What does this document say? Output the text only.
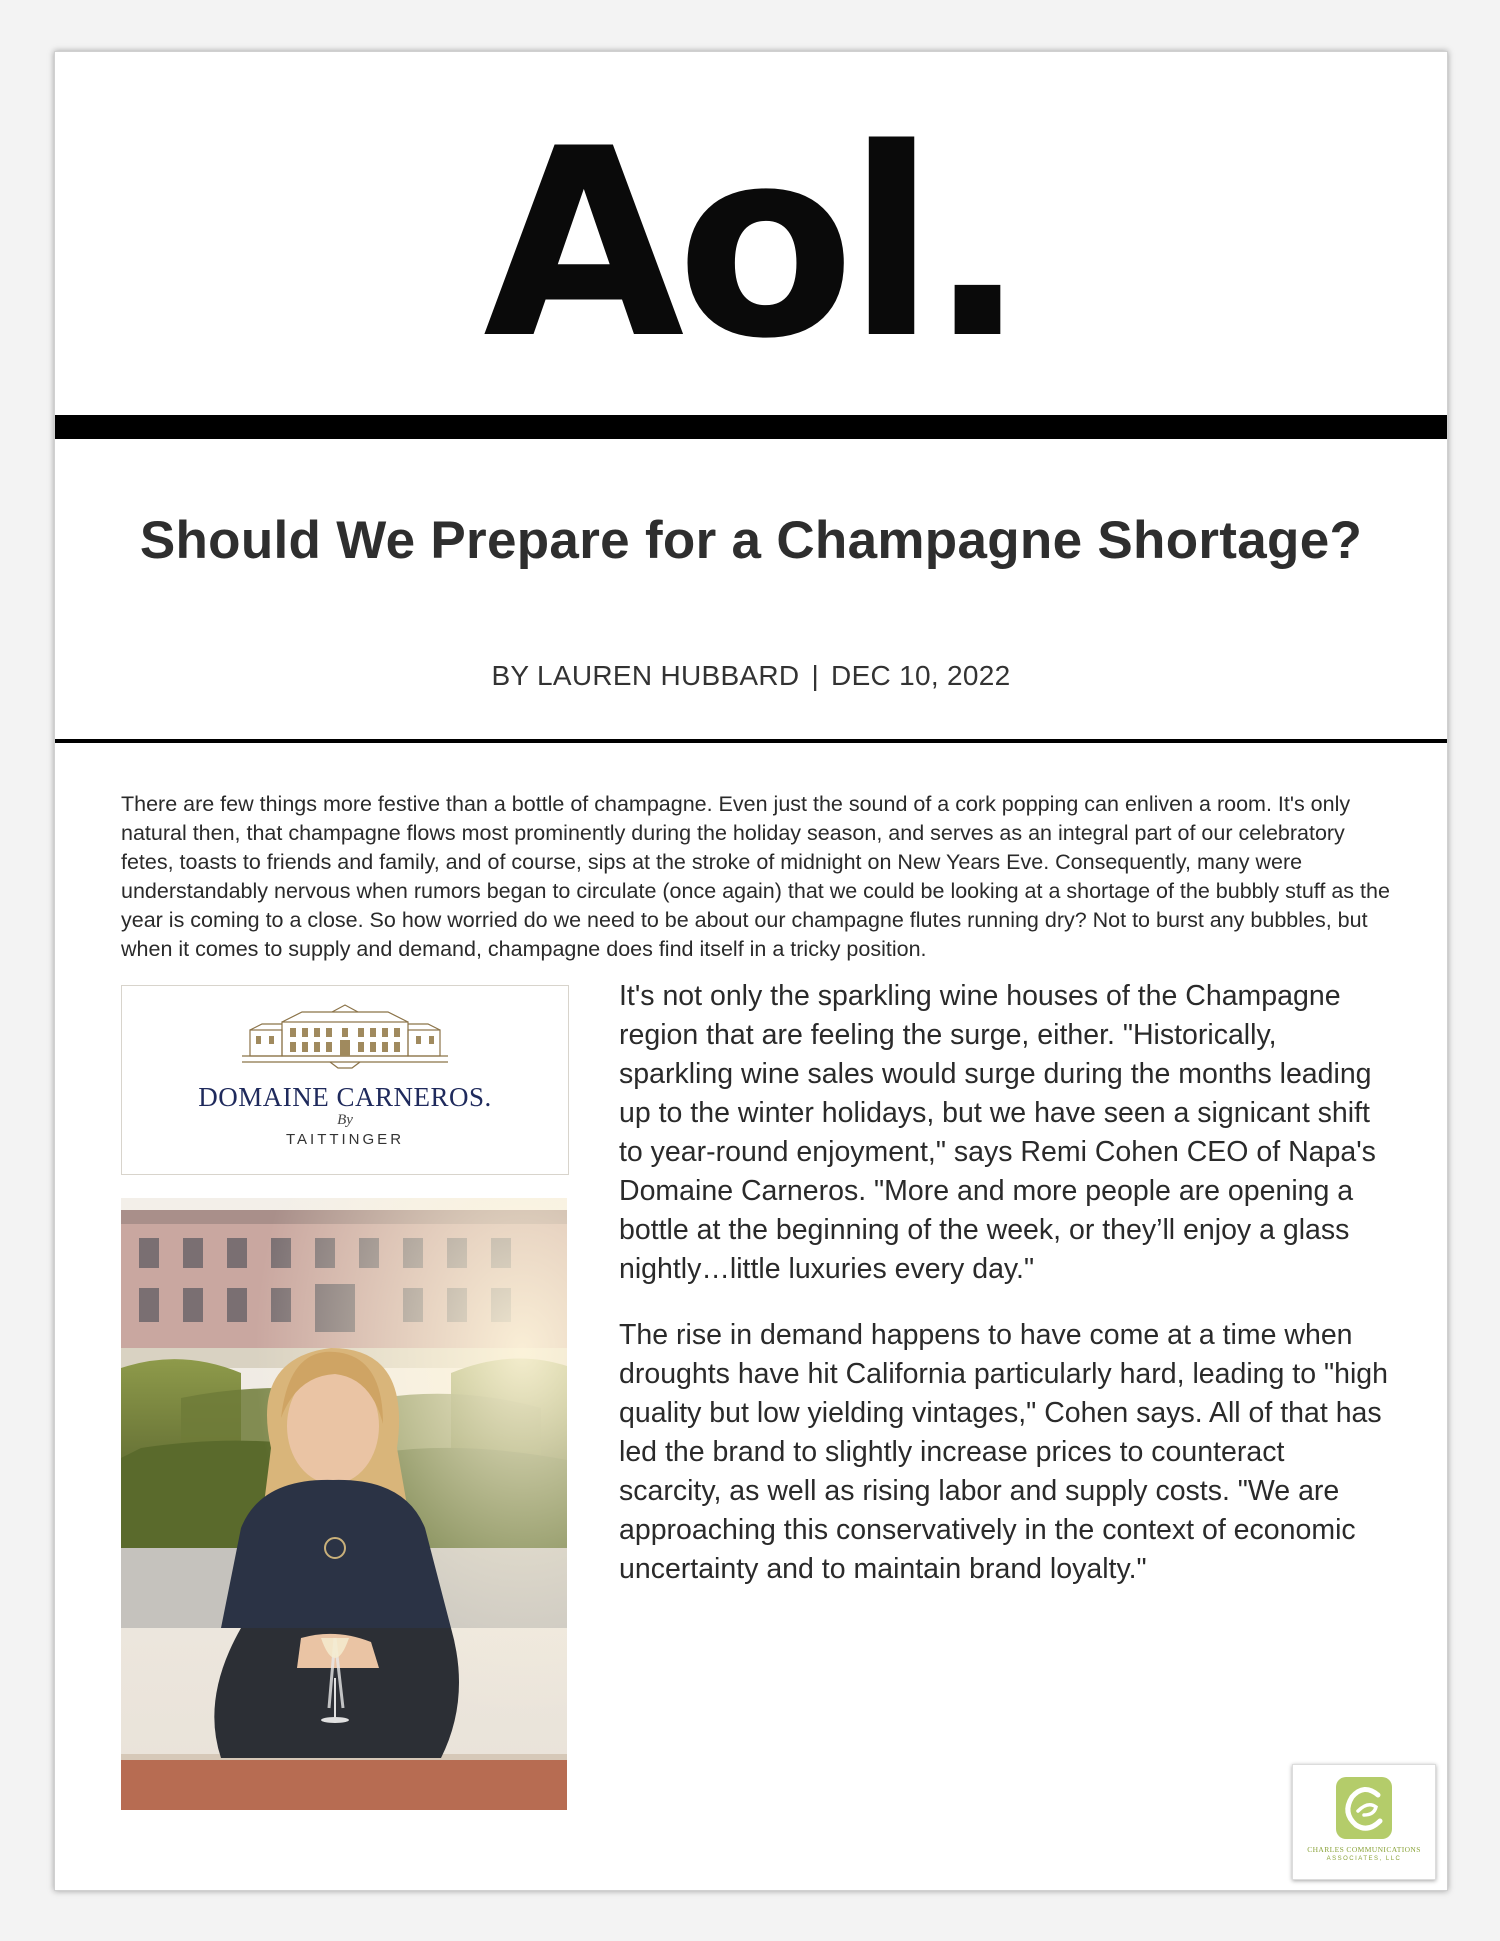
Aol.
Should We Prepare for a Champagne Shortage?
BY LAUREN HUBBARD | DEC 10, 2022

There are few things more festive than a bottle of champagne. Even just the sound of a cork popping can enliven a room. It's only natural then, that champagne flows most prominently during the holiday season, and serves as an integral part of our celebratory fetes, toasts to friends and family, and of course, sips at the stroke of midnight on New Years Eve. Consequently, many were understandably nervous when rumors began to circulate (once again) that we could be looking at a shortage of the bubbly stuff as the year is coming to a close. So how worried do we need to be about our champagne flutes running dry? Not to burst any bubbles, but when it comes to supply and demand, champagne does find itself in a tricky position.

DOMAINE CARNEROS.
By
TAITTINGER

It's not only the sparkling wine houses of the Champagne region that are feeling the surge, either. "Historically, sparkling wine sales would surge during the months leading up to the winter holidays, but we have seen a signicant shift to year-round enjoyment," says Remi Cohen CEO of Napa's Domaine Carneros. "More and more people are opening a bottle at the beginning of the week, or they’ll enjoy a glass nightly…little luxuries every day."

The rise in demand happens to have come at a time when droughts have hit California particularly hard, leading to "high quality but low yielding vintages," Cohen says. All of that has led the brand to slightly increase prices to counteract scarcity, as well as rising labor and supply costs. "We are approaching this conservatively in the context of economic uncertainty and to maintain brand loyalty."

CHARLES COMMUNICATIONS
ASSOCIATES, LLC
